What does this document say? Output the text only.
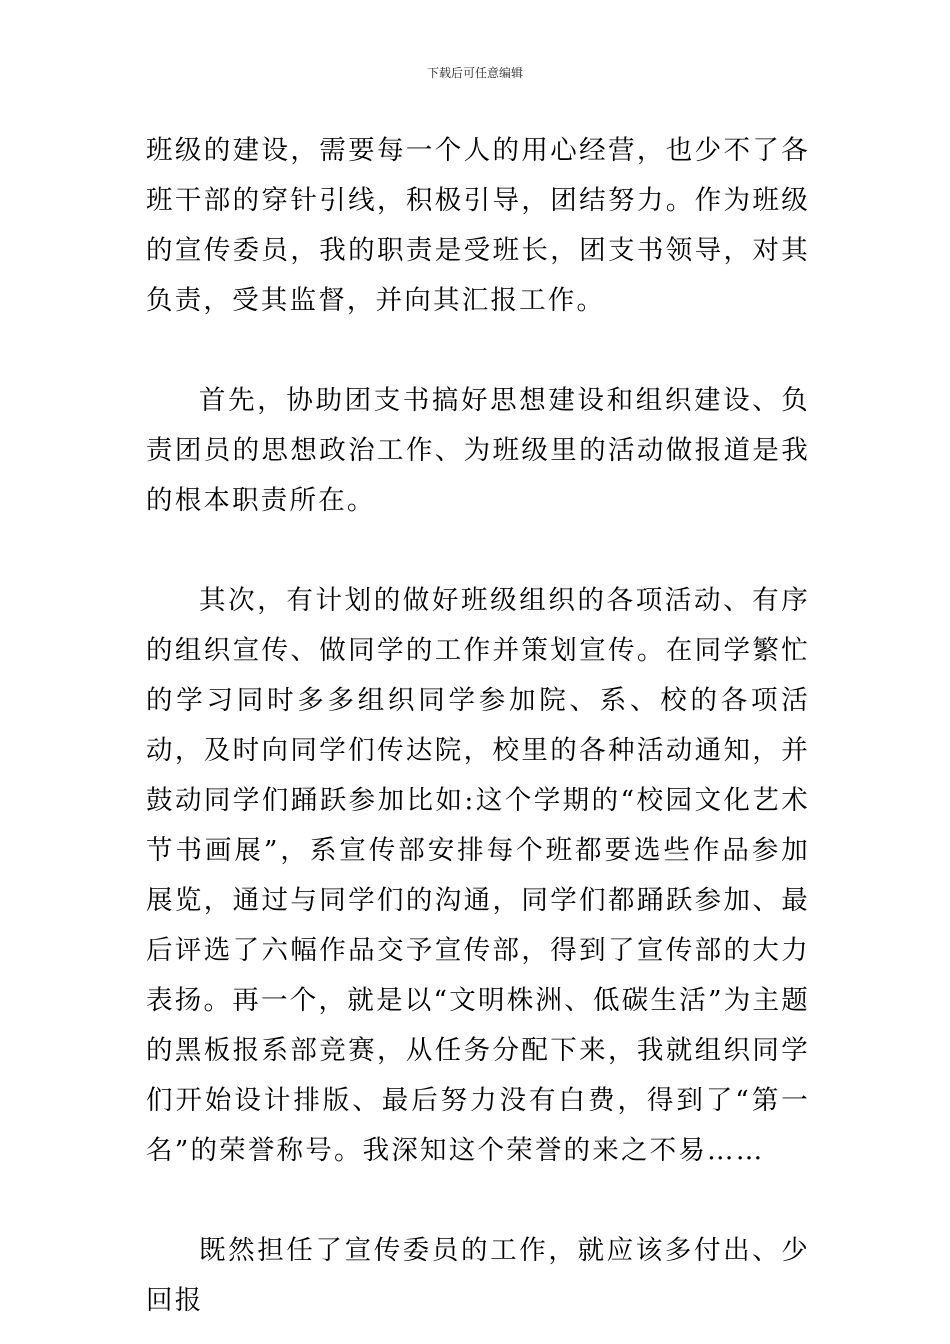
下载后可任意编辑

班级的建设，需要每一个人的用心经营，也少不了各班干部的穿针引线，积极引导，团结努力。作为班级的宣传委员，我的职责是受班长，团支书领导，对其负责，受其监督，并向其汇报工作。

首先，协助团支书搞好思想建设和组织建设、负责团员的思想政治工作、为班级里的活动做报道是我的根本职责所在。

其次，有计划的做好班级组织的各项活动、有序的组织宣传、做同学的工作并策划宣传。在同学繁忙的学习同时多多组织同学参加院、系、校的各项活动，及时向同学们传达院，校里的各种活动通知，并鼓动同学们踊跃参加比如:这个学期的“校园文化艺术节书画展”，系宣传部安排每个班都要选些作品参加展览，通过与同学们的沟通，同学们都踊跃参加、最后评选了六幅作品交予宣传部，得到了宣传部的大力表扬。再一个，就是以“文明株洲、低碳生活”为主题的黑板报系部竞赛，从任务分配下来，我就组织同学们开始设计排版、最后努力没有白费，得到了“第一名”的荣誉称号。我深知这个荣誉的来之不易……

既然担任了宣传委员的工作，就应该多付出、少回报
